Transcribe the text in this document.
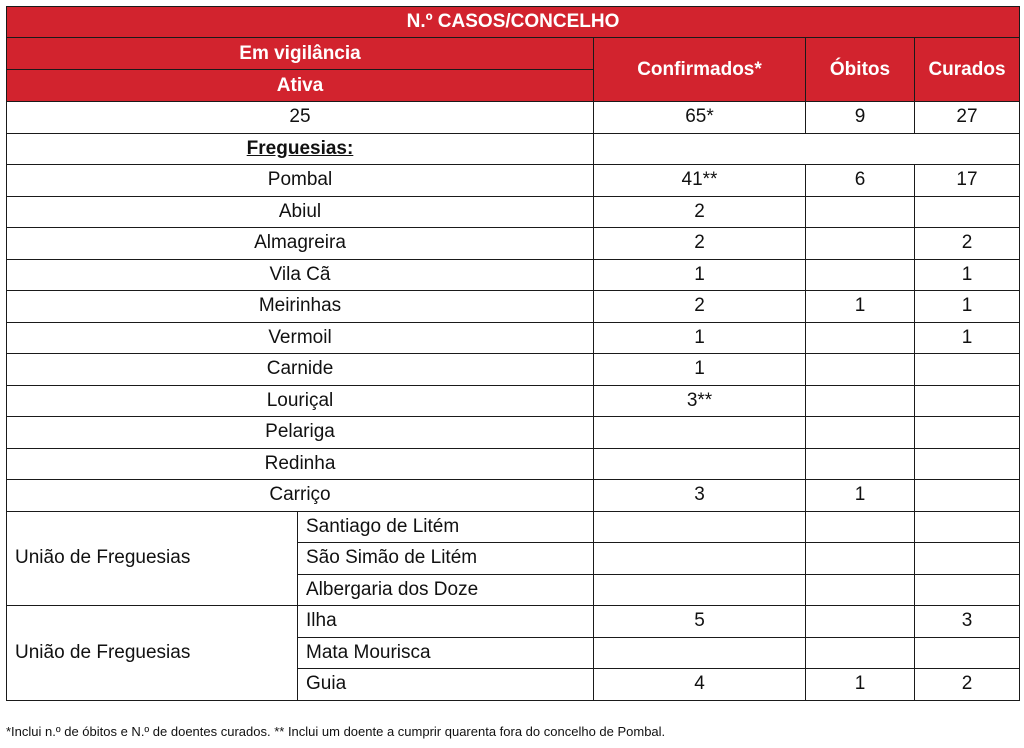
N.º CASOS/CONCELHO				
Em vigilância		Confirmados*	Óbitos	Curados
Ativa				
25		65*	9	27
Freguesias:				
Pombal		41**	6	17
Abiul		2		
Almagreira		2		2
Vila Cã		1		1
Meirinhas		2	1	1
Vermoil		1		1
Carnide		1		
Louriçal		3**		
Pelariga				
Redinha				
Carriço		3	1	
União de Freguesias	Santiago de Litém			
	São Simão de Litém			
	Albergaria dos Doze			
União de Freguesias	Ilha	5		3
	Mata Mourisca			
	Guia	4	1	2
*Inclui n.º de óbitos e N.º de doentes curados. ** Inclui um doente a cumprir quarenta fora do concelho de Pombal.
